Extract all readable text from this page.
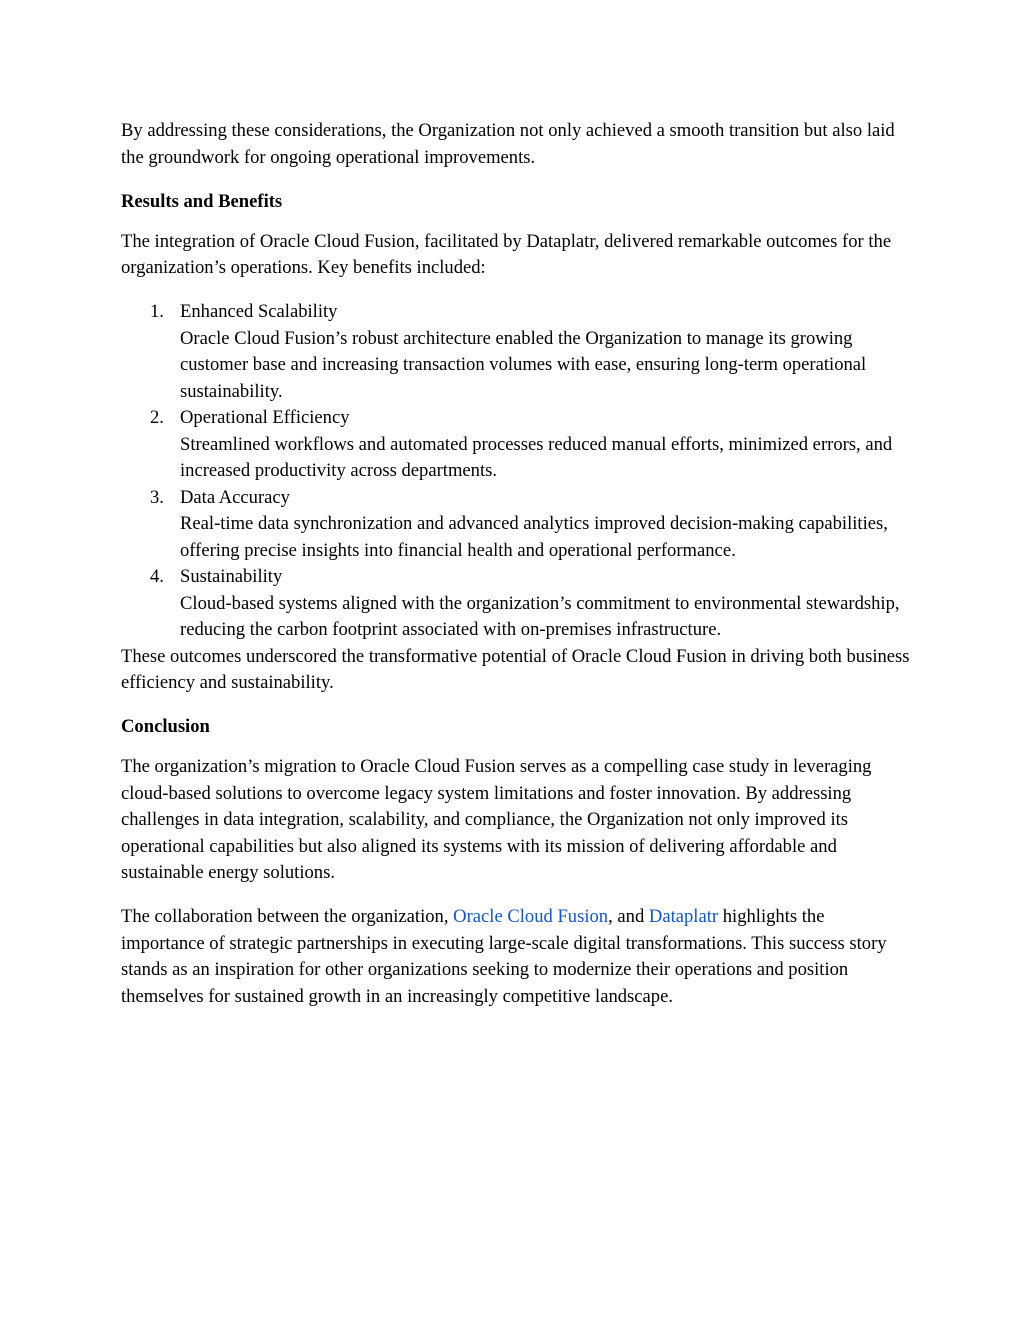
By addressing these considerations, the Organization not only achieved a smooth transition but also laid the groundwork for ongoing operational improvements.

Results and Benefits

The integration of Oracle Cloud Fusion, facilitated by Dataplatr, delivered remarkable outcomes for the organization’s operations. Key benefits included:

1. Enhanced Scalability
Oracle Cloud Fusion’s robust architecture enabled the Organization to manage its growing customer base and increasing transaction volumes with ease, ensuring long-term operational sustainability.
2. Operational Efficiency
Streamlined workflows and automated processes reduced manual efforts, minimized errors, and increased productivity across departments.
3. Data Accuracy
Real-time data synchronization and advanced analytics improved decision-making capabilities, offering precise insights into financial health and operational performance.
4. Sustainability
Cloud-based systems aligned with the organization’s commitment to environmental stewardship, reducing the carbon footprint associated with on-premises infrastructure.

These outcomes underscored the transformative potential of Oracle Cloud Fusion in driving both business efficiency and sustainability.

Conclusion

The organization’s migration to Oracle Cloud Fusion serves as a compelling case study in leveraging cloud-based solutions to overcome legacy system limitations and foster innovation. By addressing challenges in data integration, scalability, and compliance, the Organization not only improved its operational capabilities but also aligned its systems with its mission of delivering affordable and sustainable energy solutions.

The collaboration between the organization, Oracle Cloud Fusion, and Dataplatr highlights the importance of strategic partnerships in executing large-scale digital transformations. This success story stands as an inspiration for other organizations seeking to modernize their operations and position themselves for sustained growth in an increasingly competitive landscape.
